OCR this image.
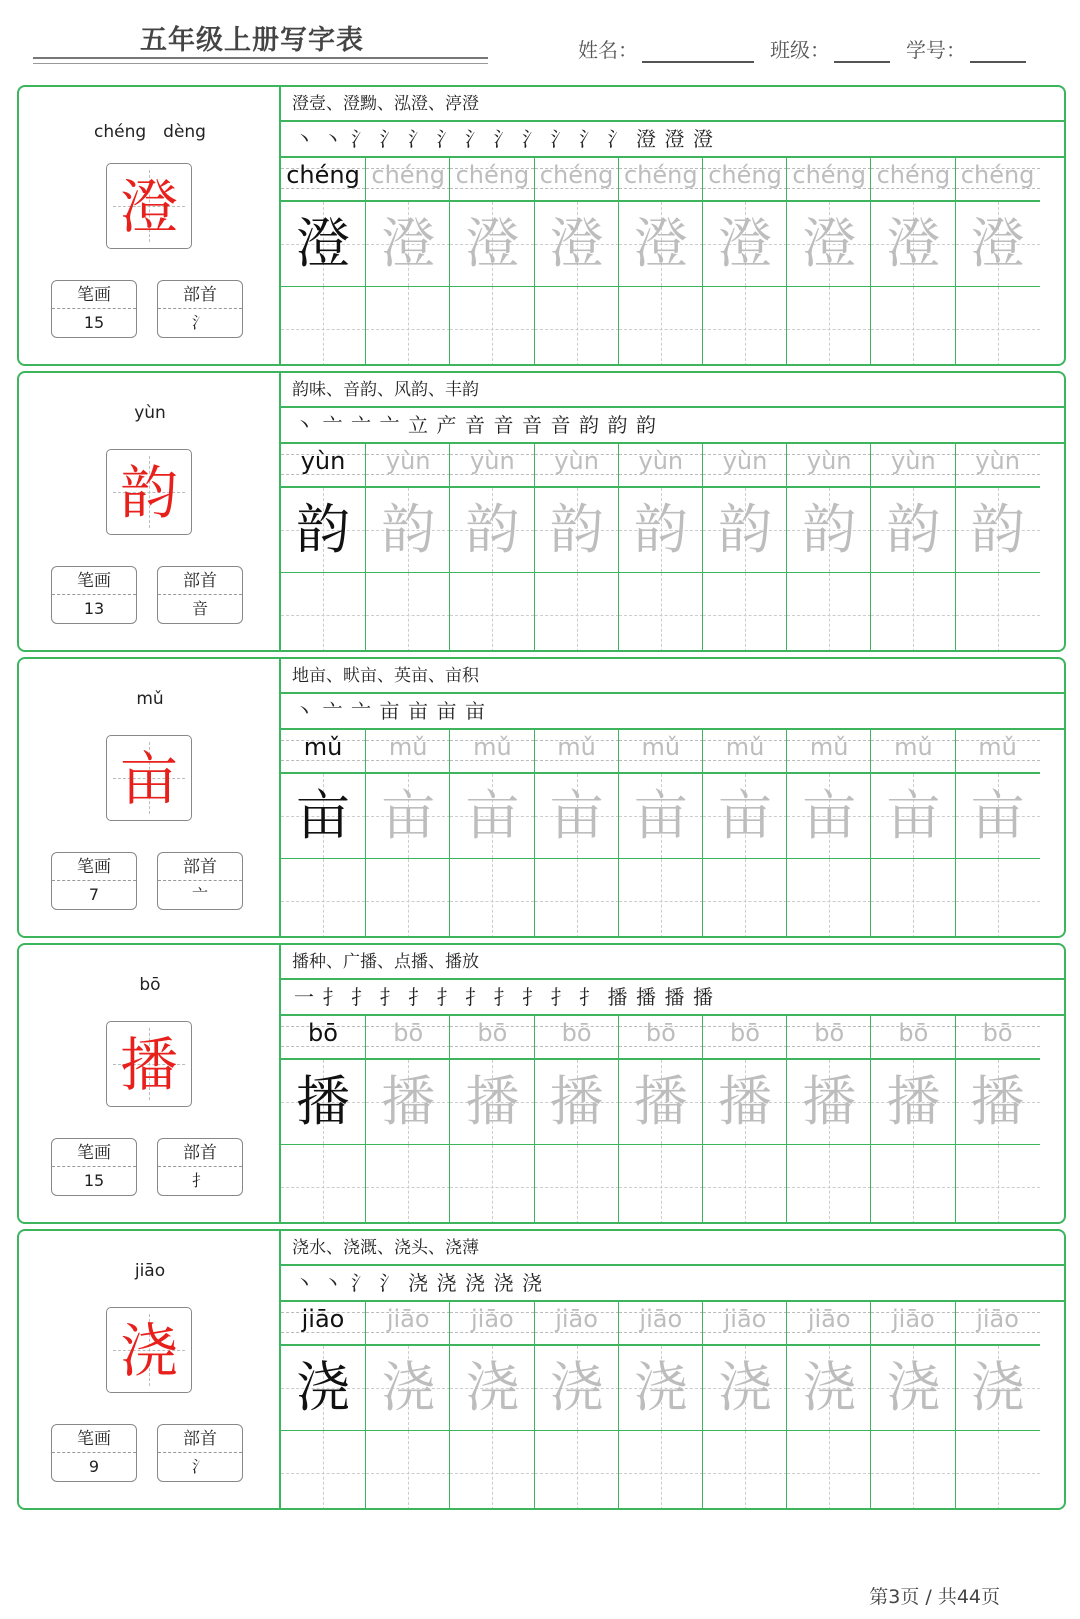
五年级上册写字表	姓名：	班级：	学号：
chéng　dèng
澄
笔画
15
部首
氵
澄壹、澄黝、泓澄、渟澄
丶 丶 氵 氵 氵 氵 氵 氵 氵 氵 氵 氵 澄 澄 澄
chéng
澄
chéng
澄
chéng
澄
chéng
澄
chéng
澄
chéng
澄
chéng
澄
chéng
澄
chéng
澄
yùn
韵
笔画
13
部首
音
韵味、音韵、风韵、丰韵
丶 亠 亠 亠 立 产 音 音 音 音 韵 韵 韵
yùn
韵
yùn
韵
yùn
韵
yùn
韵
yùn
韵
yùn
韵
yùn
韵
yùn
韵
yùn
韵
mǔ
亩
笔画
7
部首
亠
地亩、畎亩、英亩、亩积
丶 亠 亠 亩 亩 亩 亩
mǔ
亩
mǔ
亩
mǔ
亩
mǔ
亩
mǔ
亩
mǔ
亩
mǔ
亩
mǔ
亩
mǔ
亩
bō
播
笔画
15
部首
扌
播种、广播、点播、播放
一 扌 扌 扌 扌 扌 扌 扌 扌 扌 扌 播 播 播 播
bō
播
bō
播
bō
播
bō
播
bō
播
bō
播
bō
播
bō
播
bō
播
jiāo
浇
笔画
9
部首
氵
浇水、浇溉、浇头、浇薄
丶 丶 氵 氵 浇 浇 浇 浇 浇
jiāo
浇
jiāo
浇
jiāo
浇
jiāo
浇
jiāo
浇
jiāo
浇
jiāo
浇
jiāo
浇
jiāo
浇
第3页 / 共44页
